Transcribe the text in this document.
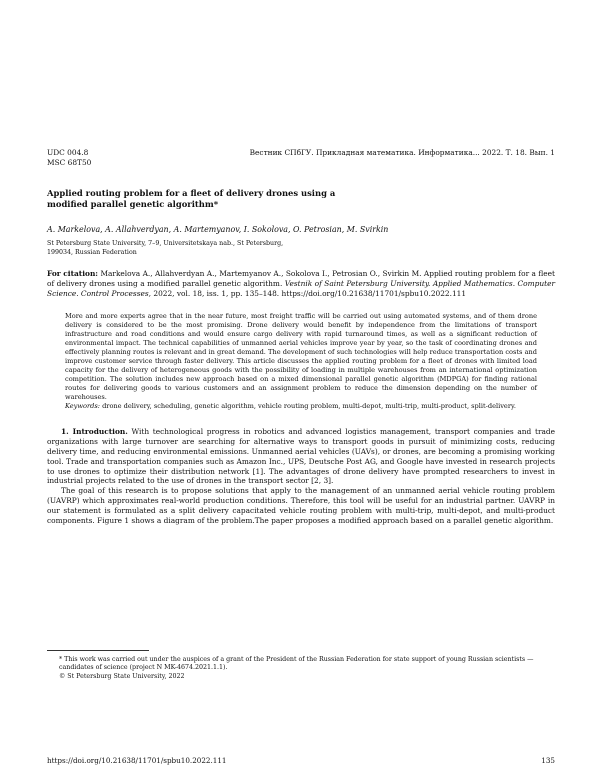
UDC 004.8
MSC 68T50
Вестник СПбГУ. Прикладная математика. Информатика... 2022. Т. 18. Вып. 1
Applied routing problem for a fleet of delivery drones using a modified parallel genetic algorithm*
A. Markelova, A. Allahverdyan, A. Martemyanov, I. Sokolova, O. Petrosian, M. Svirkin
St Petersburg State University, 7–9, Universitetskaya nab., St Petersburg, 199034, Russian Federation
For citation: Markelova A., Allahverdyan A., Martemyanov A., Sokolova I., Petrosian O., Svirkin M. Applied routing problem for a fleet of delivery drones using a modified parallel genetic algorithm. Vestnik of Saint Petersburg University. Applied Mathematics. Computer Science. Control Processes, 2022, vol. 18, iss. 1, pp. 135–148. https://doi.org/10.21638/11701/spbu10.2022.111
More and more experts agree that in the near future, most freight traffic will be carried out using automated systems, and of them drone delivery is considered to be the most promising. Drone delivery would benefit by independence from the limitations of transport infrastructure and road conditions and would ensure cargo delivery with rapid turnaround times, as well as a significant reduction of environmental impact. The technical capabilities of unmanned aerial vehicles improve year by year, so the task of coordinating drones and effectively planning routes is relevant and in great demand. The development of such technologies will help reduce transportation costs and improve customer service through faster delivery. This article discusses the applied routing problem for a fleet of drones with limited load capacity for the delivery of heterogeneous goods with the possibility of loading in multiple warehouses from an international optimization competition. The solution includes new approach based on a mixed dimensional parallel genetic algorithm (MDPGA) for finding rational routes for delivering goods to various customers and an assignment problem to reduce the dimension depending on the number of warehouses.
Keywords: drone delivery, scheduling, genetic algorithm, vehicle routing problem, multi-depot, multi-trip, multi-product, split-delivery.

1. Introduction. With technological progress in robotics and advanced logistics management, transport companies and trade organizations with large turnover are searching for alternative ways to transport goods in pursuit of minimizing costs, reducing delivery time, and reducing environmental emissions. Unmanned aerial vehicles (UAVs), or drones, are becoming a promising working tool. Trade and transportation companies such as Amazon Inc., UPS, Deutsche Post AG, and Google have invested in research projects to use drones to optimize their distribution network [1]. The advantages of drone delivery have prompted researchers to invest in industrial projects related to the use of drones in the transport sector [2, 3].

The goal of this research is to propose solutions that apply to the management of an unmanned aerial vehicle routing problem (UAVRP) which approximates real-world production conditions. Therefore, this tool will be useful for an industrial partner. UAVRP in our statement is formulated as a split delivery capacitated vehicle routing problem with multi-trip, multi-depot, and multi-product components. Figure 1 shows a diagram of the problem.The paper proposes a modified approach based on a parallel genetic algorithm.

* This work was carried out under the auspices of a grant of the President of the Russian Federation for state support of young Russian scientists — candidates of science (project N MK-4674.2021.1.1).
© St Petersburg State University, 2022
https://doi.org/10.21638/11701/spbu10.2022.111	135
